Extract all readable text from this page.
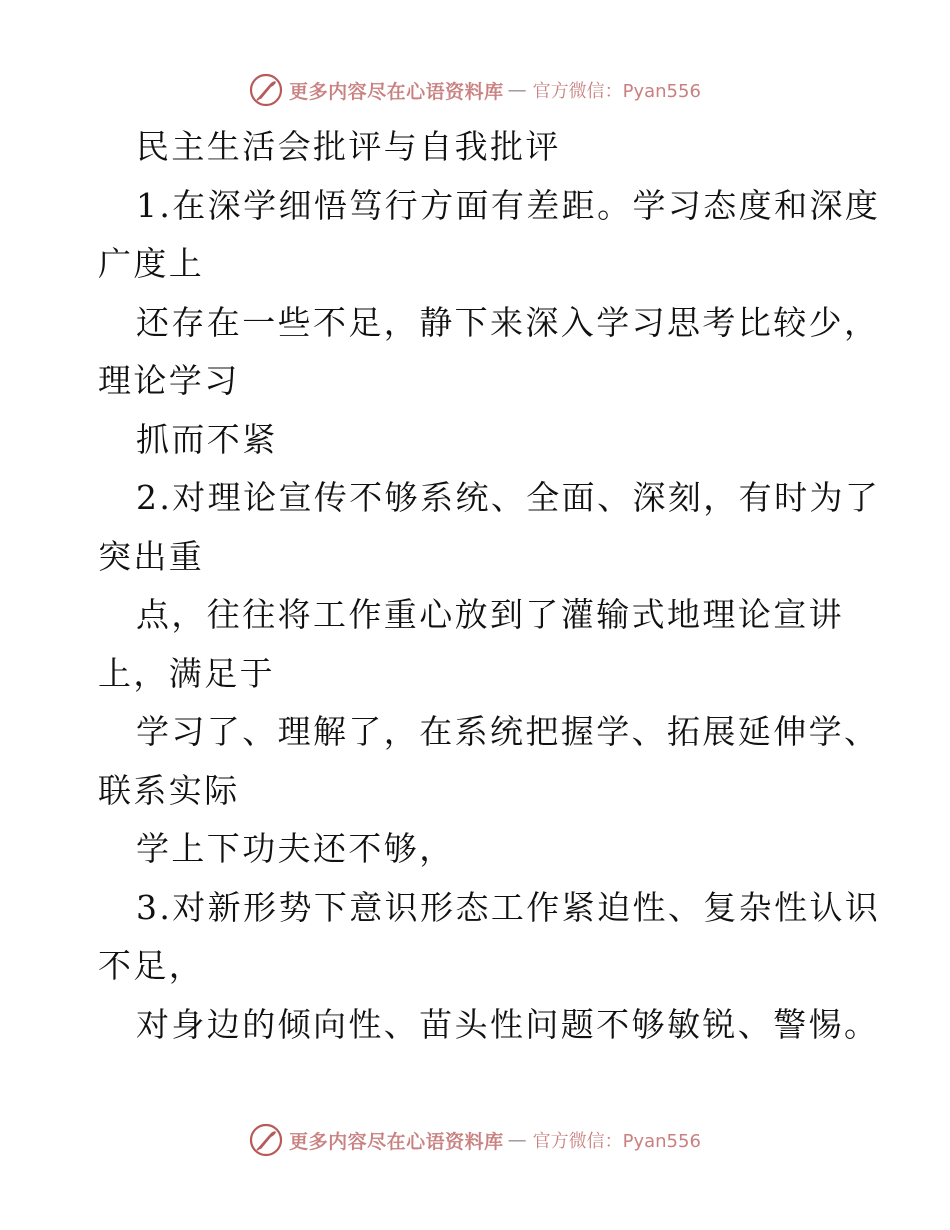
更多内容尽在心语资料库 — 官方微信：Pyan556
民主生活会批评与自我批评
1.在深学细悟笃行方面有差距。学习态度和深度
广度上
还存在一些不足，静下来深入学习思考比较少，
理论学习
抓而不紧
2.对理论宣传不够系统、全面、深刻，有时为了
突出重
点，往往将工作重心放到了灌输式地理论宣讲
上，满足于
学习了、理解了，在系统把握学、拓展延伸学、
联系实际
学上下功夫还不够，
3.对新形势下意识形态工作紧迫性、复杂性认识
不足，
对身边的倾向性、苗头性问题不够敏锐、警惕。
更多内容尽在心语资料库 — 官方微信：Pyan556
